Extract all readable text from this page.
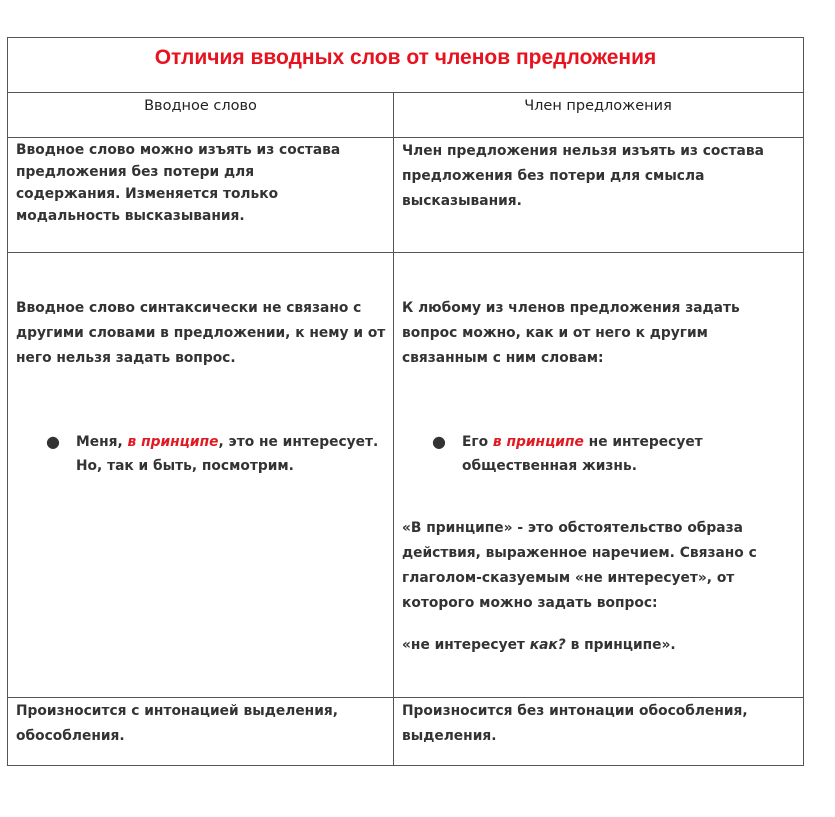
Отличия вводных слов от членов предложения
Вводное слово	Член предложения
Вводное слово можно изъять из состава предложения без потери для содержания. Изменяется только модальность высказывания.
Член предложения нельзя изъять из состава предложения без потери для смысла высказывания.
Вводное слово синтаксически не связано с другими словами в предложении, к нему и от него нельзя задать вопрос.
● Меня, в принципе, это не интересует.
Но, так и быть, посмотрим.
К любому из членов предложения задать вопрос можно, как и от него к другим связанным с ним словам:
● Его в принципе не интересует
общественная жизнь.
«В принципе» - это обстоятельство образа действия, выраженное наречием. Связано с глаголом-сказуемым «не интересует», от которого можно задать вопрос:
«не интересует как? в принципе».
Произносится с интонацией выделения, обособления.
Произносится без интонации обособления, выделения.
